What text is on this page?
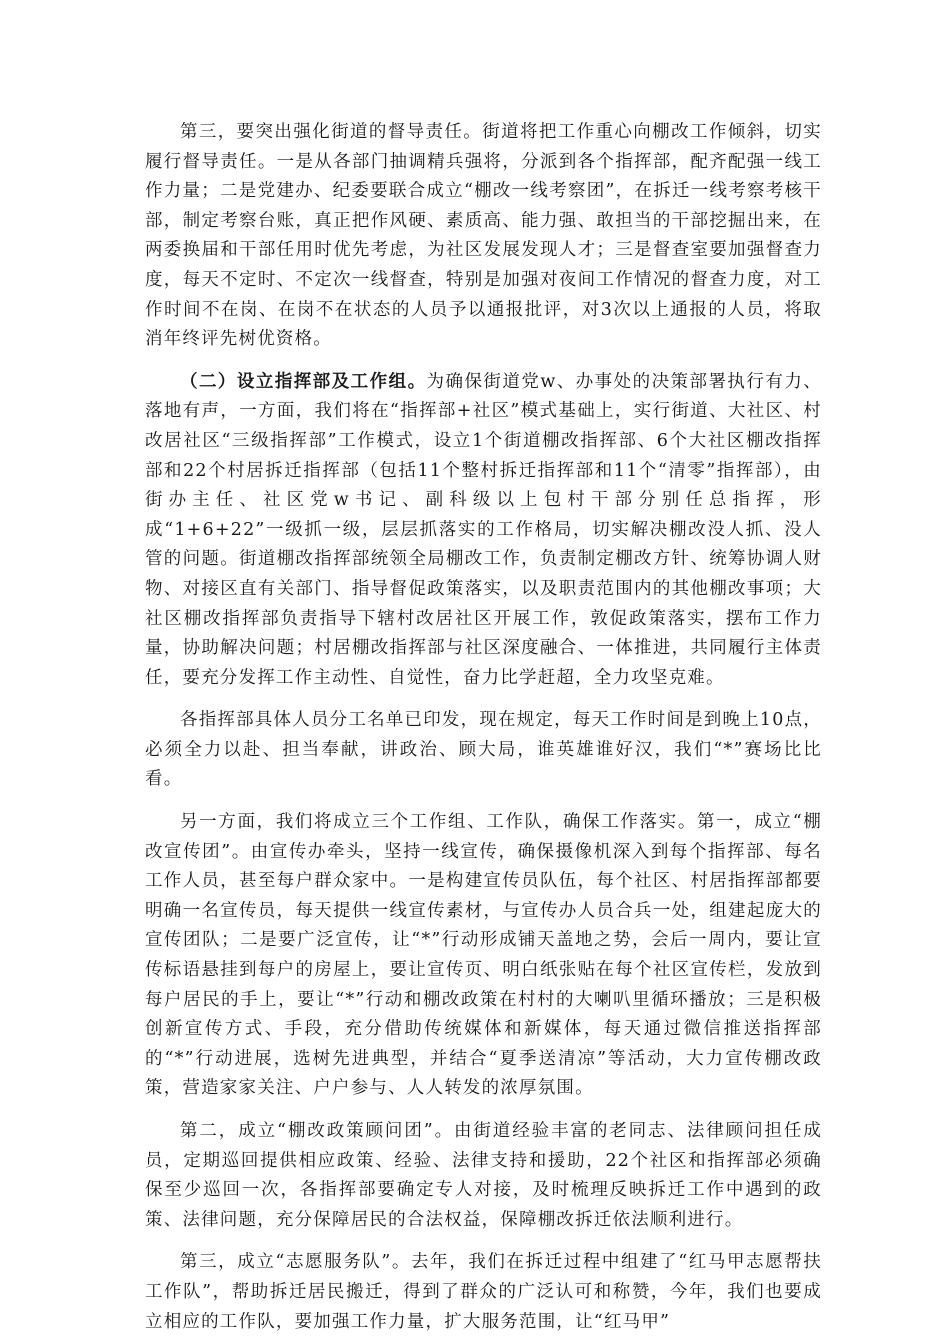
第三，要突出强化街道的督导责任。街道将把工作重心向棚改工作倾斜，切实履行督导责任。一是从各部门抽调精兵强将，分派到各个指挥部，配齐配强一线工作力量；二是党建办、纪委要联合成立“棚改一线考察团”，在拆迁一线考察考核干部，制定考察台账，真正把作风硬、素质高、能力强、敢担当的干部挖掘出来，在两委换届和干部任用时优先考虑，为社区发展发现人才；三是督查室要加强督查力度，每天不定时、不定次一线督查，特别是加强对夜间工作情况的督查力度，对工作时间不在岗、在岗不在状态的人员予以通报批评，对3次以上通报的人员，将取消年终评先树优资格。

（二）设立指挥部及工作组。为确保街道党w、办事处的决策部署执行有力、落地有声，一方面，我们将在“指挥部+社区”模式基础上，实行街道、大社区、村改居社区“三级指挥部”工作模式，设立1个街道棚改指挥部、6个大社区棚改指挥部和22个村居拆迁指挥部（包括11个整村拆迁指挥部和11个“清零”指挥部），由街办主任、社区党w书记、副科级以上包村干部分别任总指挥，形成“1+6+22”一级抓一级，层层抓落实的工作格局，切实解决棚改没人抓、没人管的问题。街道棚改指挥部统领全局棚改工作，负责制定棚改方针、统筹协调人财物、对接区直有关部门、指导督促政策落实，以及职责范围内的其他棚改事项；大社区棚改指挥部负责指导下辖村改居社区开展工作，敦促政策落实，摆布工作力量，协助解决问题；村居棚改指挥部与社区深度融合、一体推进，共同履行主体责任，要充分发挥工作主动性、自觉性，奋力比学赶超，全力攻坚克难。

各指挥部具体人员分工名单已印发，现在规定，每天工作时间是到晚上10点，必须全力以赴、担当奉献，讲政治、顾大局，谁英雄谁好汉，我们“*”赛场比比看。

另一方面，我们将成立三个工作组、工作队，确保工作落实。第一，成立“棚改宣传团”。由宣传办牵头，坚持一线宣传，确保摄像机深入到每个指挥部、每名工作人员，甚至每户群众家中。一是构建宣传员队伍，每个社区、村居指挥部都要明确一名宣传员，每天提供一线宣传素材，与宣传办人员合兵一处，组建起庞大的宣传团队；二是要广泛宣传，让“*”行动形成铺天盖地之势，会后一周内，要让宣传标语悬挂到每户的房屋上，要让宣传页、明白纸张贴在每个社区宣传栏，发放到每户居民的手上，要让“*”行动和棚改政策在村村的大喇叭里循环播放；三是积极创新宣传方式、手段，充分借助传统媒体和新媒体，每天通过微信推送指挥部的“*”行动进展，选树先进典型，并结合“夏季送清凉”等活动，大力宣传棚改政策，营造家家关注、户户参与、人人转发的浓厚氛围。

第二，成立“棚改政策顾问团”。由街道经验丰富的老同志、法律顾问担任成员，定期巡回提供相应政策、经验、法律支持和援助，22个社区和指挥部必须确保至少巡回一次，各指挥部要确定专人对接，及时梳理反映拆迁工作中遇到的政策、法律问题，充分保障居民的合法权益，保障棚改拆迁依法顺利进行。

第三，成立“志愿服务队”。去年，我们在拆迁过程中组建了“红马甲志愿帮扶工作队”，帮助拆迁居民搬迁，得到了群众的广泛认可和称赞，今年，我们也要成立相应的工作队，要加强工作力量，扩大服务范围，让“红马甲”
